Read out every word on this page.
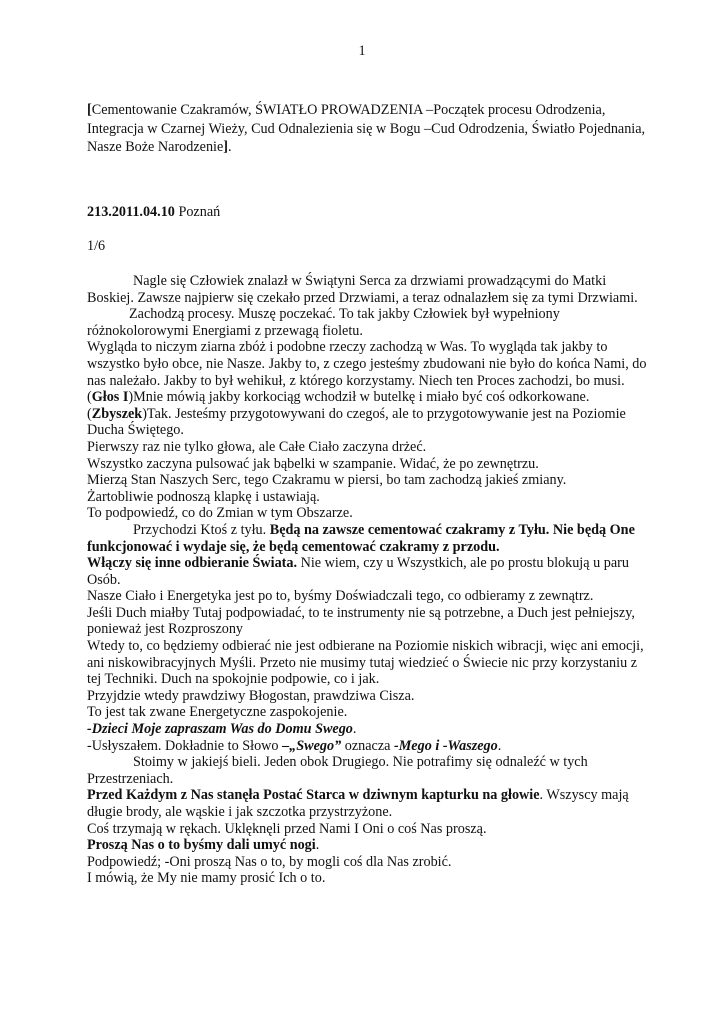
1
[Cementowanie Czakramów, ŚWIATŁO PROWADZENIA –Początek procesu Odrodzenia, Integracja w Czarnej Wieży, Cud Odnalezienia się w Bogu –Cud Odrodzenia, Światło Pojednania, Nasze Boże Narodzenie].
213.2011.04.10 Poznań
1/6

Nagle się Człowiek znalazł w Świątyni Serca za drzwiami prowadzącymi do Matki Boskiej. Zawsze najpierw się czekało przed Drzwiami, a teraz odnalazłem się za tymi Drzwiami.

Zachodzą procesy. Muszę poczekać. To tak jakby Człowiek był wypełniony różnokolorowymi Energiami z przewagą fioletu.

Wygląda to niczym ziarna zbóż i podobne rzeczy zachodzą w Was. To wygląda tak jakby to wszystko było obce, nie Nasze. Jakby to, z czego jesteśmy zbudowani nie było do końca Nami, do nas należało. Jakby to był wehikuł, z którego korzystamy. Niech ten Proces zachodzi, bo musi.

(Głos I)Mnie mówią jakby korkociąg wchodził w butelkę i miało być coś odkorkowane.

(Zbyszek)Tak. Jesteśmy przygotowywani do czegoś, ale to przygotowywanie jest na Poziomie Ducha Świętego.

Pierwszy raz nie tylko głowa, ale Całe Ciało zaczyna drżeć.

Wszystko zaczyna pulsować jak bąbelki w szampanie. Widać, że po zewnętrzu.

Mierzą Stan Naszych Serc, tego Czakramu w piersi, bo tam zachodzą jakieś zmiany.

Żartobliwie podnoszą klapkę i ustawiają.

To podpowiedź, co do Zmian w tym Obszarze.

Przychodzi Ktoś z tyłu. Będą na zawsze cementować czakramy z Tyłu. Nie będą One funkcjonować i wydaje się, że będą cementować czakramy z przodu.

Włączy się inne odbieranie Świata. Nie wiem, czy u Wszystkich, ale po prostu blokują u paru Osób.

Nasze Ciało i Energetyka jest po to, byśmy Doświadczali tego, co odbieramy z zewnątrz.

Jeśli Duch miałby Tutaj podpowiadać, to te instrumenty nie są potrzebne, a Duch jest pełniejszy, ponieważ jest Rozproszony

Wtedy to, co będziemy odbierać nie jest odbierane na Poziomie niskich wibracji, więc ani emocji, ani niskowibracyjnych Myśli. Przeto nie musimy tutaj wiedzieć o Świecie nic przy korzystaniu z tej Techniki. Duch na spokojnie podpowie, co i jak.

Przyjdzie wtedy prawdziwy Błogostan, prawdziwa Cisza.

To jest tak zwane Energetyczne zaspokojenie.

-Dzieci Moje zapraszam Was do Domu Swego.

-Usłyszałem. Dokładnie to Słowo –„Swego” oznacza -Mego i -Waszego.

Stoimy w jakiejś bieli. Jeden obok Drugiego. Nie potrafimy się odnaleźć w tych Przestrzeniach.

Przed Każdym z Nas stanęła Postać Starca w dziwnym kapturku na głowie. Wszyscy mają długie brody, ale wąskie i jak szczotka przystrzyżone.

Coś trzymają w rękach. Uklęknęli przed Nami I Oni o coś Nas proszą.

Proszą Nas o to byśmy dali umyć nogi.

Podpowiedź; -Oni proszą Nas o to, by mogli coś dla Nas zrobić.

I mówią, że My nie mamy prosić Ich o to.
